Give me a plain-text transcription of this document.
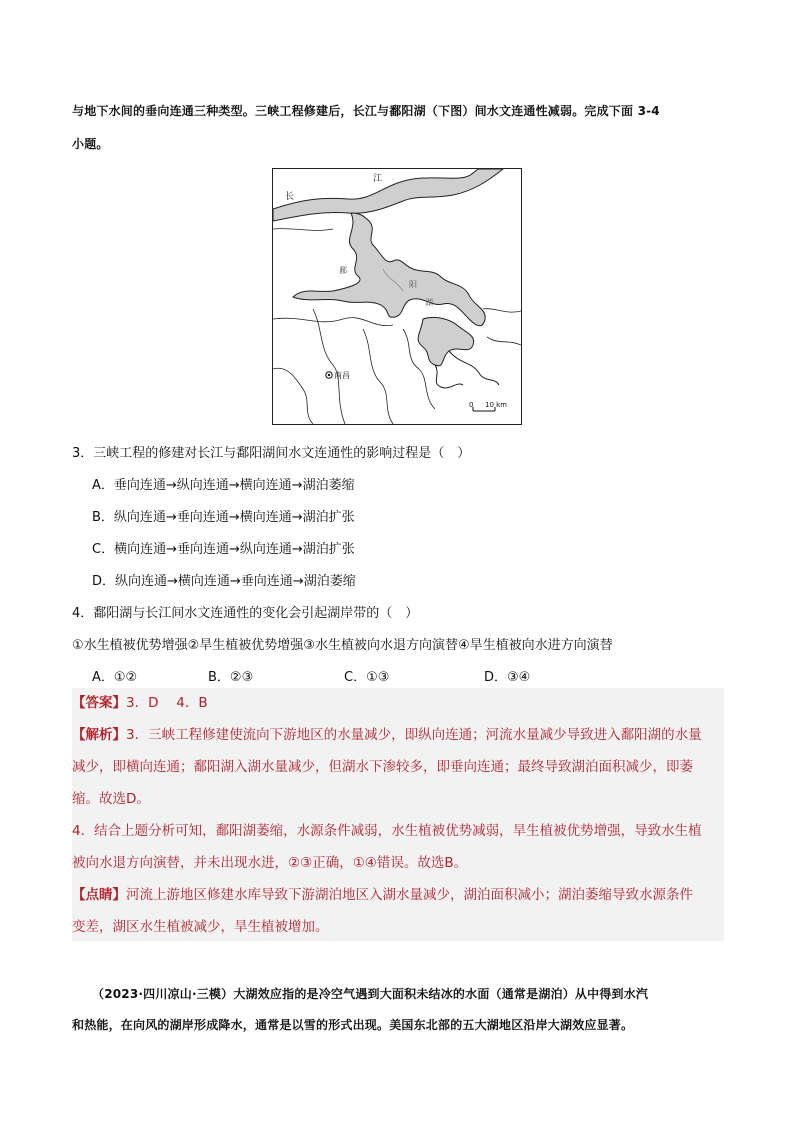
与地下水间的垂向连通三种类型。三峡工程修建后，长江与鄱阳湖（下图）间水文连通性减弱。完成下面 3-4
小题。
长
江
鄱
阳
湖
南昌
0 10 km
3．三峡工程的修建对长江与鄱阳湖间水文连通性的影响过程是（　）
A．垂向连通→纵向连通→横向连通→湖泊萎缩
B．纵向连通→垂向连通→横向连通→湖泊扩张
C．横向连通→垂向连通→纵向连通→湖泊扩张
D．纵向连通→横向连通→垂向连通→湖泊萎缩
4．鄱阳湖与长江间水文连通性的变化会引起湖岸带的（　）
①水生植被优势增强②旱生植被优势增强③水生植被向水退方向演替④旱生植被向水进方向演替
A．①②	B．②③	C．①③	D．③④
【答案】3．D　 4．B
【解析】3．三峡工程修建使流向下游地区的水量减少，即纵向连通；河流水量减少导致进入鄱阳湖的水量
减少，即横向连通；鄱阳湖入湖水量减少，但湖水下渗较多，即垂向连通；最终导致湖泊面积减少，即萎
缩。故选D。
4．结合上题分析可知，鄱阳湖萎缩，水源条件减弱，水生植被优势减弱，旱生植被优势增强，导致水生植
被向水退方向演替，并未出现水进，②③正确，①④错误。故选B。
【点睛】河流上游地区修建水库导致下游湖泊地区入湖水量减少，湖泊面积减小；湖泊萎缩导致水源条件
变差，湖区水生植被减少，旱生植被增加。
（2023·四川凉山·三模）大湖效应指的是冷空气遇到大面积未结冰的水面（通常是湖泊）从中得到水汽
和热能，在向风的湖岸形成降水，通常是以雪的形式出现。美国东北部的五大湖地区沿岸大湖效应显著。
